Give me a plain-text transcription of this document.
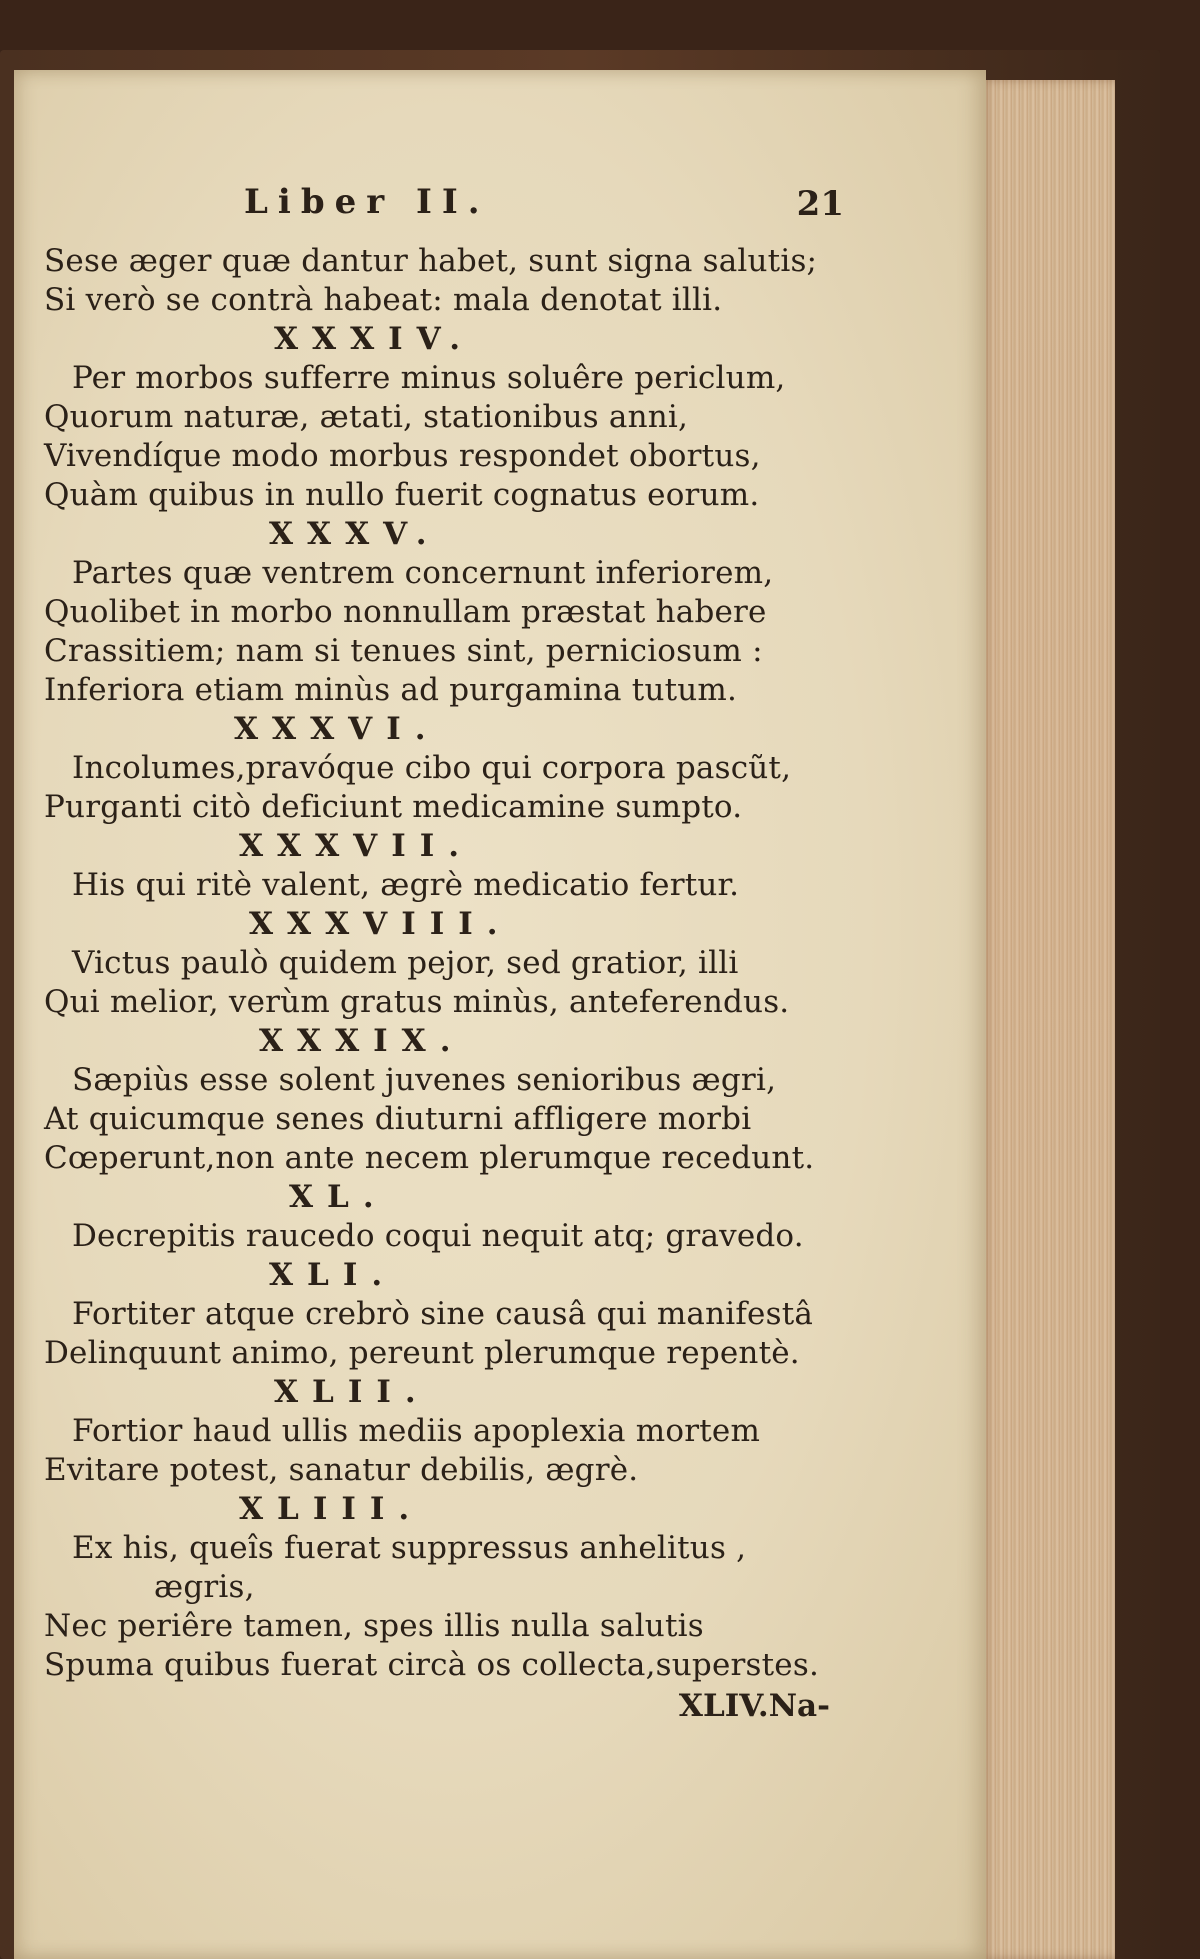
Liber II.	21
Sese æger quæ dantur habet, sunt signa salutis;
Si verò se contrà habeat: mala denotat illi.
XXXIV.
Per morbos sufferre minus soluêre periclum,
Quorum naturæ, ætati, stationibus anni,
Vivendíque modo morbus respondet obortus,
Quàm quibus in nullo fuerit cognatus eorum.
XXXV.
Partes quæ ventrem concernunt inferiorem,
Quolibet in morbo nonnullam præstat habere
Crassitiem; nam si tenues sint, perniciosum :
Inferiora etiam minùs ad purgamina tutum.
XXXVI.
Incolumes,pravóque cibo qui corpora pascũt,
Purganti citò deficiunt medicamine sumpto.
XXXVII.
His qui ritè valent, ægrè medicatio fertur.
XXXVIII.
Victus paulò quidem pejor, sed gratior, illi
Qui melior, verùm gratus minùs, anteferendus.
XXXIX.
Sæpiùs esse solent juvenes senioribus ægri,
At quicumque senes diuturni affligere morbi
Cœperunt,non ante necem plerumque recedunt.
XL.
Decrepitis raucedo coqui nequit atq; gravedo.
XLI.
Fortiter atque crebrò sine causâ qui manifestâ
Delinquunt animo, pereunt plerumque repentè.
XLII.
Fortior haud ullis mediis apoplexia mortem
Evitare potest, sanatur debilis, ægrè.
XLIII.
Ex his, queîs fuerat suppressus anhelitus ,
ægris,
Nec periêre tamen, spes illis nulla salutis
Spuma quibus fuerat circà os collecta,superstes.
XLIV.Na-
